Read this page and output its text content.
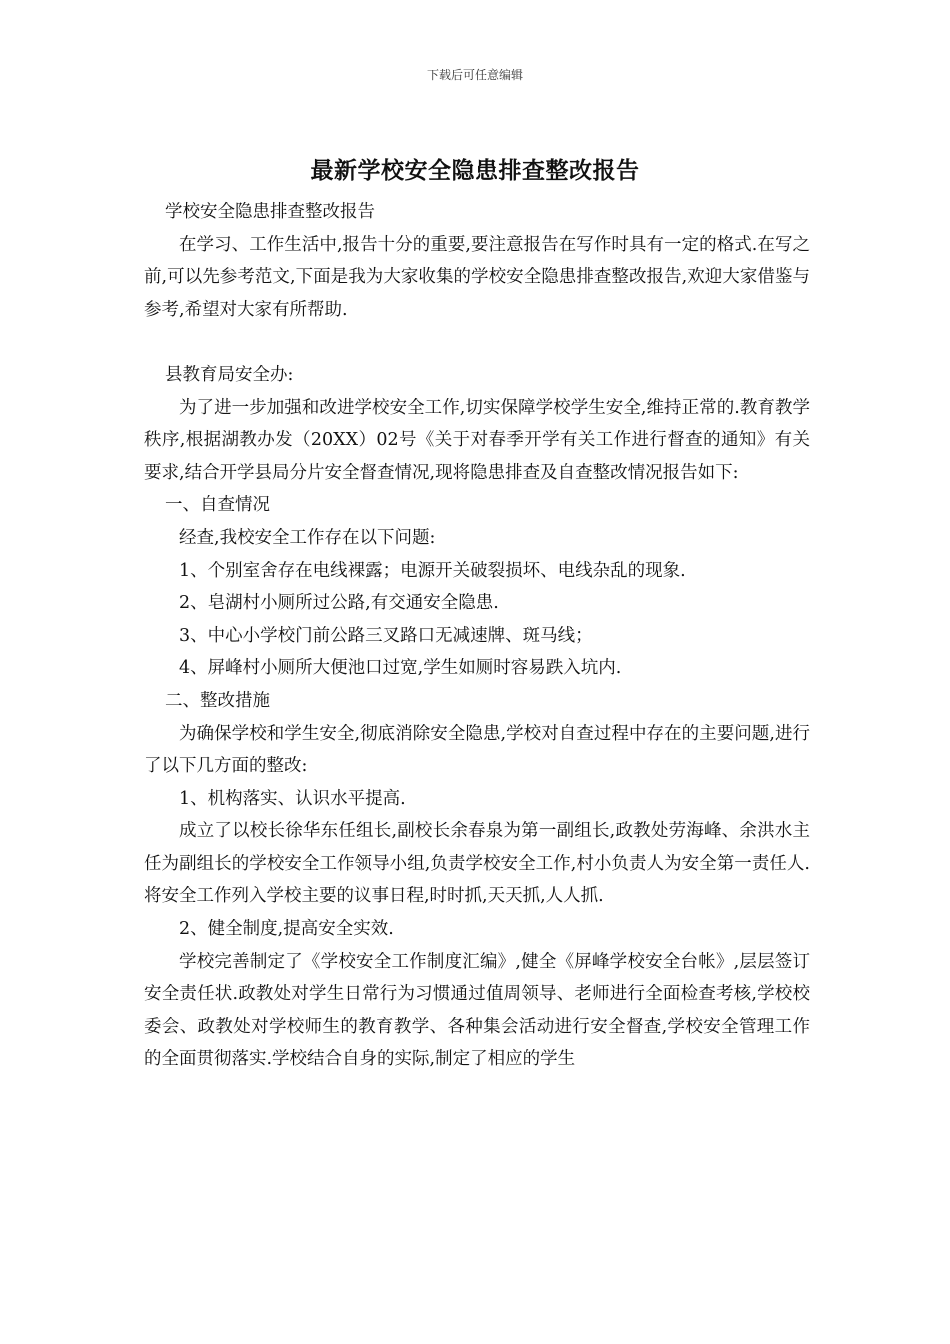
下载后可任意编辑
最新学校安全隐患排查整改报告

学校安全隐患排查整改报告

在学习、工作生活中,报告十分的重要,要注意报告在写作时具有一定的格式.在写之前,可以先参考范文,下面是我为大家收集的学校安全隐患排查整改报告,欢迎大家借鉴与参考,希望对大家有所帮助.

县教育局安全办:

为了进一步加强和改进学校安全工作,切实保障学校学生安全,维持正常的.教育教学秩序,根据湖教办发（20XX）02号《关于对春季开学有关工作进行督查的通知》有关要求,结合开学县局分片安全督查情况,现将隐患排查及自查整改情况报告如下:

一、自查情况

经查,我校安全工作存在以下问题:

1、个别室舍存在电线裸露；电源开关破裂损坏、电线杂乱的现象.

2、皂湖村小厕所过公路,有交通安全隐患.

3、中心小学校门前公路三叉路口无减速牌、斑马线；

4、屏峰村小厕所大便池口过宽,学生如厕时容易跌入坑内.

二、整改措施

为确保学校和学生安全,彻底消除安全隐患,学校对自查过程中存在的主要问题,进行了以下几方面的整改:

1、机构落实、认识水平提高.

成立了以校长徐华东任组长,副校长余春泉为第一副组长,政教处劳海峰、余洪水主任为副组长的学校安全工作领导小组,负责学校安全工作,村小负责人为安全第一责任人.将安全工作列入学校主要的议事日程,时时抓,天天抓,人人抓.

2、健全制度,提高安全实效.

学校完善制定了《学校安全工作制度汇编》,健全《屏峰学校安全台帐》,层层签订安全责任状.政教处对学生日常行为习惯通过值周领导、老师进行全面检查考核,学校校委会、政教处对学校师生的教育教学、各种集会活动进行安全督查,学校安全管理工作的全面贯彻落实.学校结合自身的实际,制定了相应的学生
